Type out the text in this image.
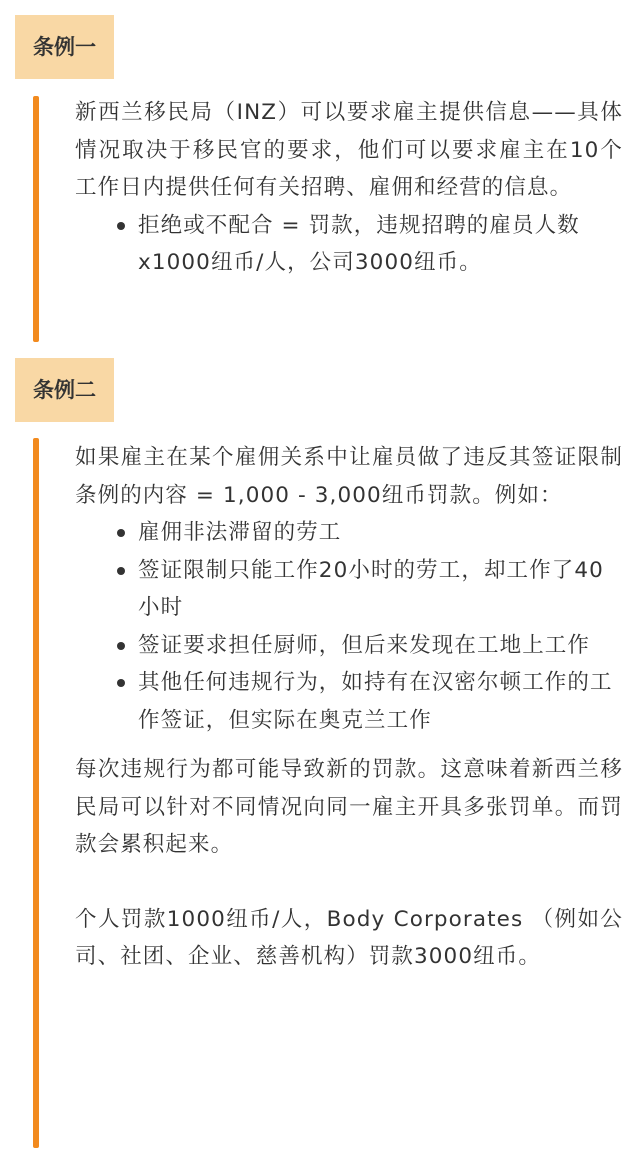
条例一

新西兰移民局（INZ）可以要求雇主提供信息——具体情况取决于移民官的要求，他们可以要求雇主在10个工作日内提供任何有关招聘、雇佣和经营的信息。

拒绝或不配合 = 罚款，违规招聘的雇员人数x1000纽币/人，公司3000纽币。
条例二

如果雇主在某个雇佣关系中让雇员做了违反其签证限制条例的内容 = 1,000 - 3,000纽币罚款。例如：

雇佣非法滞留的劳工
签证限制只能工作20小时的劳工，却工作了40小时
签证要求担任厨师，但后来发现在工地上工作
其他任何违规行为，如持有在汉密尔顿工作的工作签证，但实际在奥克兰工作

每次违规行为都可能导致新的罚款。这意味着新西兰移民局可以针对不同情况向同一雇主开具多张罚单。而罚款会累积起来。

个人罚款1000纽币/人，Body Corporates （例如公司、社团、企业、慈善机构）罚款3000纽币。
